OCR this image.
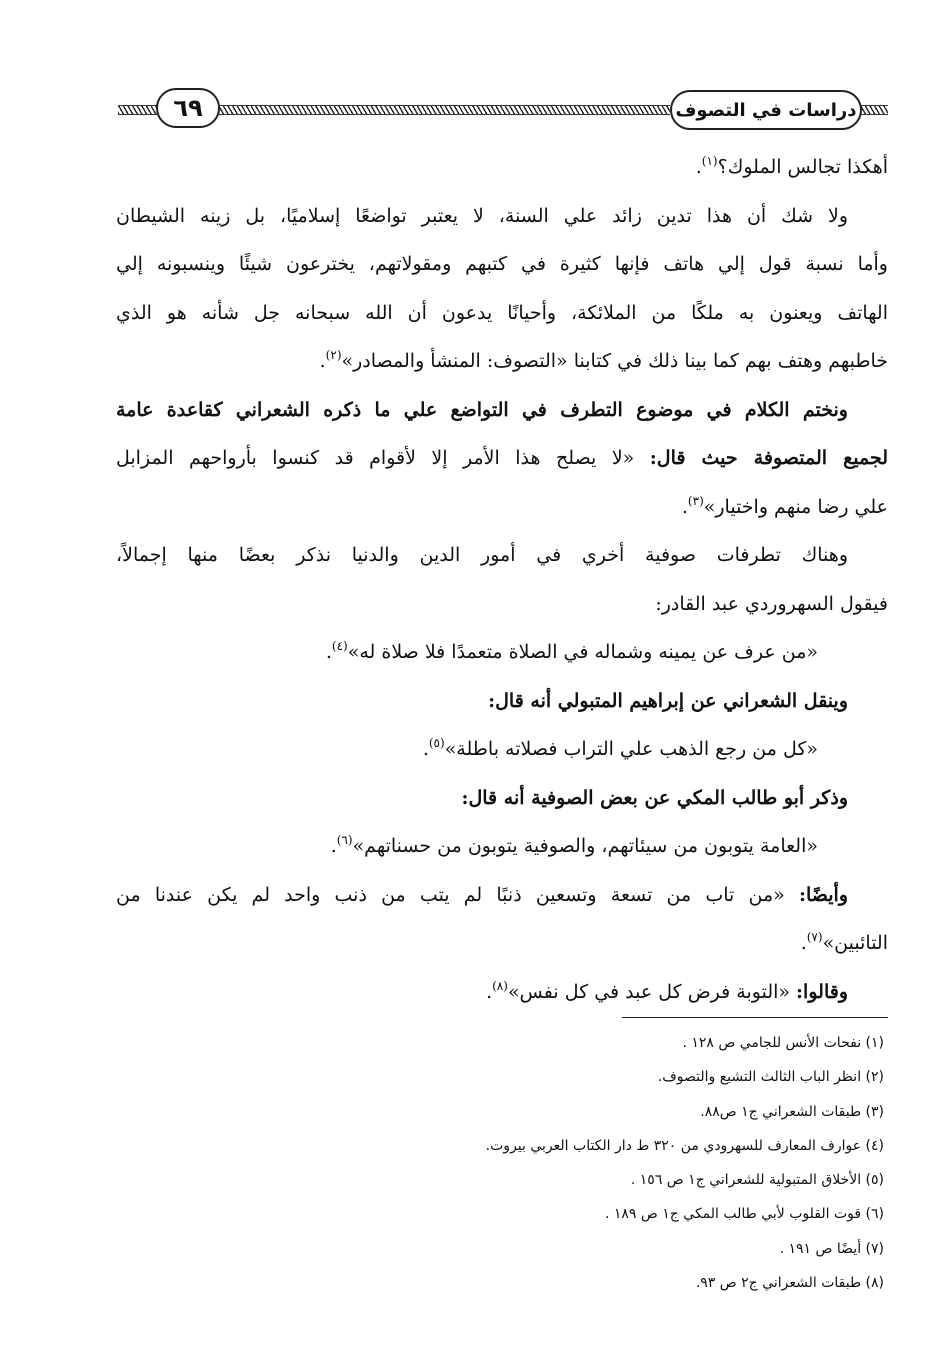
٦٩	دراسات في التصوف
أهكذا تجالس الملوك؟$^{(١)}$.
ولا شك أن هذا تدين زائد علي السنة، لا يعتبر تواضعًا إسلاميًا، بل زينه الشيطان
وأما نسبة قول إلي هاتف فإنها كثيرة في كتبهم ومقولاتهم، يخترعون شيئًا وينسبونه إلي
الهاتف ويعنون به ملكًا من الملائكة، وأحيانًا يدعون أن الله سبحانه جل شأنه هو الذي
خاطبهم وهتف بهم كما بينا ذلك في كتابنا «التصوف: المنشأ والمصادر»$^{(٢)}$.
ونختم الكلام في موضوع التطرف في التواضع علي ما ذكره الشعراني كقاعدة عامة
لجميع المتصوفة حيث قال: «لا يصلح هذا الأمر إلا لأقوام قد كنسوا بأرواحهم المزابل
علي رضا منهم واختيار»$^{(٣)}$.
وهناك تطرفات صوفية أخري في أمور الدين والدنيا نذكر بعضًا منها إجمالاً،
فيقول السهروردي عبد القادر:
«من عرف عن يمينه وشماله في الصلاة متعمدًا فلا صلاة له»$^{(٤)}$.
وينقل الشعراني عن إبراهيم المتبولي أنه قال:
«كل من رجع الذهب علي التراب فصلاته باطلة»$^{(٥)}$.
وذكر أبو طالب المكي عن بعض الصوفية أنه قال:
«العامة يتوبون من سيئاتهم، والصوفية يتوبون من حسناتهم»$^{(٦)}$.
وأيضًا: «من تاب من تسعة وتسعين ذنبًا لم يتب من ذنب واحد لم يكن عندنا من
التائبين»$^{(٧)}$.
وقالوا: «التوبة فرض كل عبد في كل نفس»$^{(٨)}$.
(١) نفحات الأنس للجامي ص ١٢٨ .
(٢) انظر الباب الثالث التشيع والتصوف.
(٣) طبقات الشعراني ج١ ص٨٨.
(٤) عوارف المعارف للسهرودي من ٣٢٠ ط دار الكتاب العربي بيروت.
(٥) الأخلاق المتبولية للشعراني ج١ ص ١٥٦ .
(٦) قوت القلوب لأبي طالب المكي ج١ ص ١٨٩ .
(٧) أيضًا ص ١٩١ .
(٨) طبقات الشعراني ج٢ ص ٩٣.
